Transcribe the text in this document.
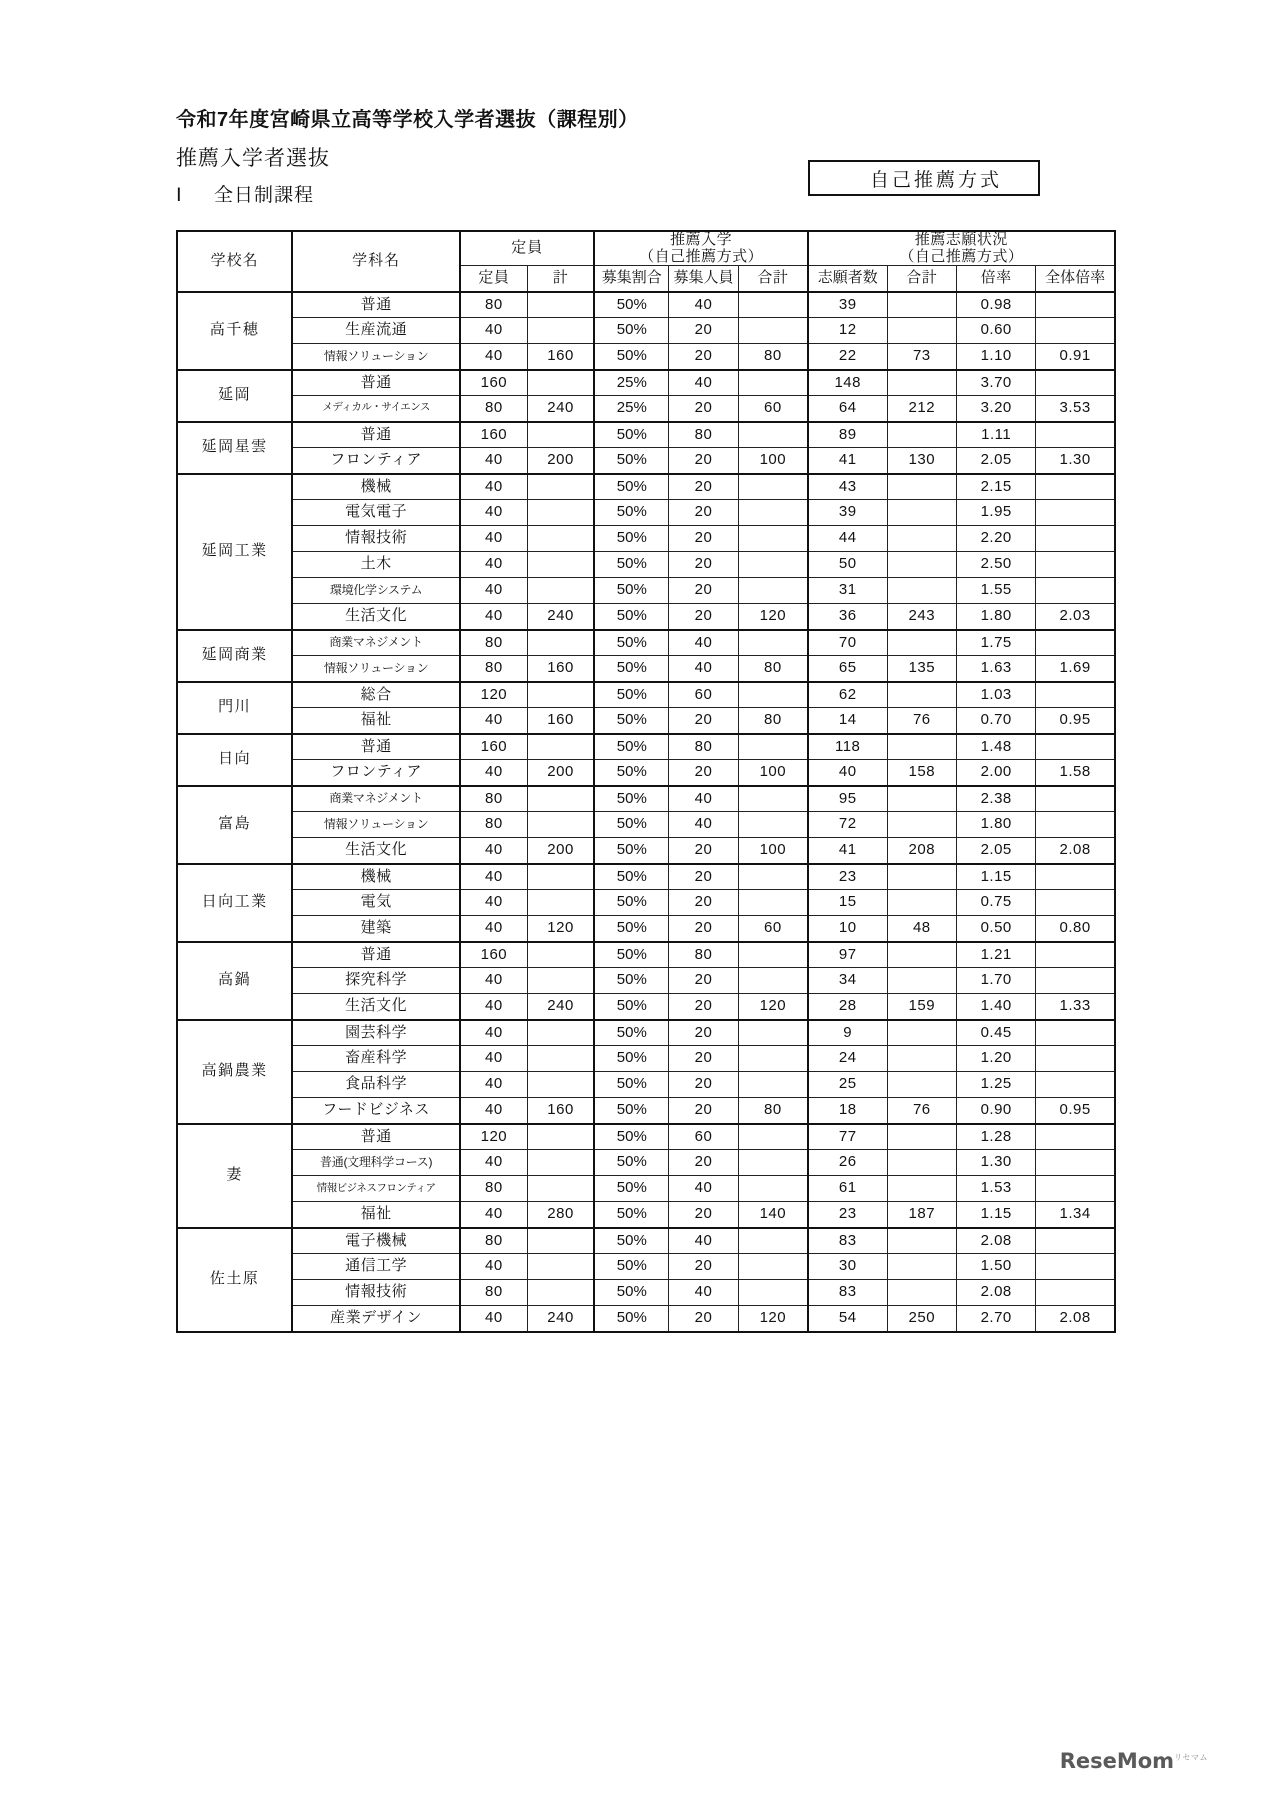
令和7年度宮崎県立高等学校入学者選抜（課程別）
推薦入学者選抜
Ⅰ 全日制課程
自己推薦方式
学校名	学科名	定員	推薦入学
（自己推薦方式）

推薦志願状況
（自己推薦方式）

		定員	計	募集割合	募集人員	合計	志願者数	合計	倍率	全体倍率
高千穂	普通	80		50%	40		39		0.98	
	生産流通	40		50%	20		12		0.60	
	情報ソリューション	40	160	50%	20	80	22	73	1.10	0.91
延岡	普通	160		25%	40		148		3.70	
	メディカル・サイエンス	80	240	25%	20	60	64	212	3.20	3.53
延岡星雲	普通	160		50%	80		89		1.11	
	フロンティア	40	200	50%	20	100	41	130	2.05	1.30
延岡工業	機械	40		50%	20		43		2.15	
	電気電子	40		50%	20		39		1.95	
	情報技術	40		50%	20		44		2.20	
	土木	40		50%	20		50		2.50	
	環境化学システム	40		50%	20		31		1.55	
	生活文化	40	240	50%	20	120	36	243	1.80	2.03
延岡商業	商業マネジメント	80		50%	40		70		1.75	
	情報ソリューション	80	160	50%	40	80	65	135	1.63	1.69
門川	総合	120		50%	60		62		1.03	
	福祉	40	160	50%	20	80	14	76	0.70	0.95
日向	普通	160		50%	80		118		1.48	
	フロンティア	40	200	50%	20	100	40	158	2.00	1.58
富島	商業マネジメント	80		50%	40		95		2.38	
	情報ソリューション	80		50%	40		72		1.80	
	生活文化	40	200	50%	20	100	41	208	2.05	2.08
日向工業	機械	40		50%	20		23		1.15	
	電気	40		50%	20		15		0.75	
	建築	40	120	50%	20	60	10	48	0.50	0.80
高鍋	普通	160		50%	80		97		1.21	
	探究科学	40		50%	20		34		1.70	
	生活文化	40	240	50%	20	120	28	159	1.40	1.33
高鍋農業	園芸科学	40		50%	20		9		0.45	
	畜産科学	40		50%	20		24		1.20	
	食品科学	40		50%	20		25		1.25	
	フードビジネス	40	160	50%	20	80	18	76	0.90	0.95
妻	普通	120		50%	60		77		1.28	
	普通(文理科学コース)	40		50%	20		26		1.30	
	情報ビジネスフロンティア	80		50%	40		61		1.53	
	福祉	40	280	50%	20	140	23	187	1.15	1.34
佐土原	電子機械	80		50%	40		83		2.08	
	通信工学	40		50%	20		30		1.50	
	情報技術	80		50%	40		83		2.08	
	産業デザイン	40	240	50%	20	120	54	250	2.70	2.08
ReseMomリセマム
